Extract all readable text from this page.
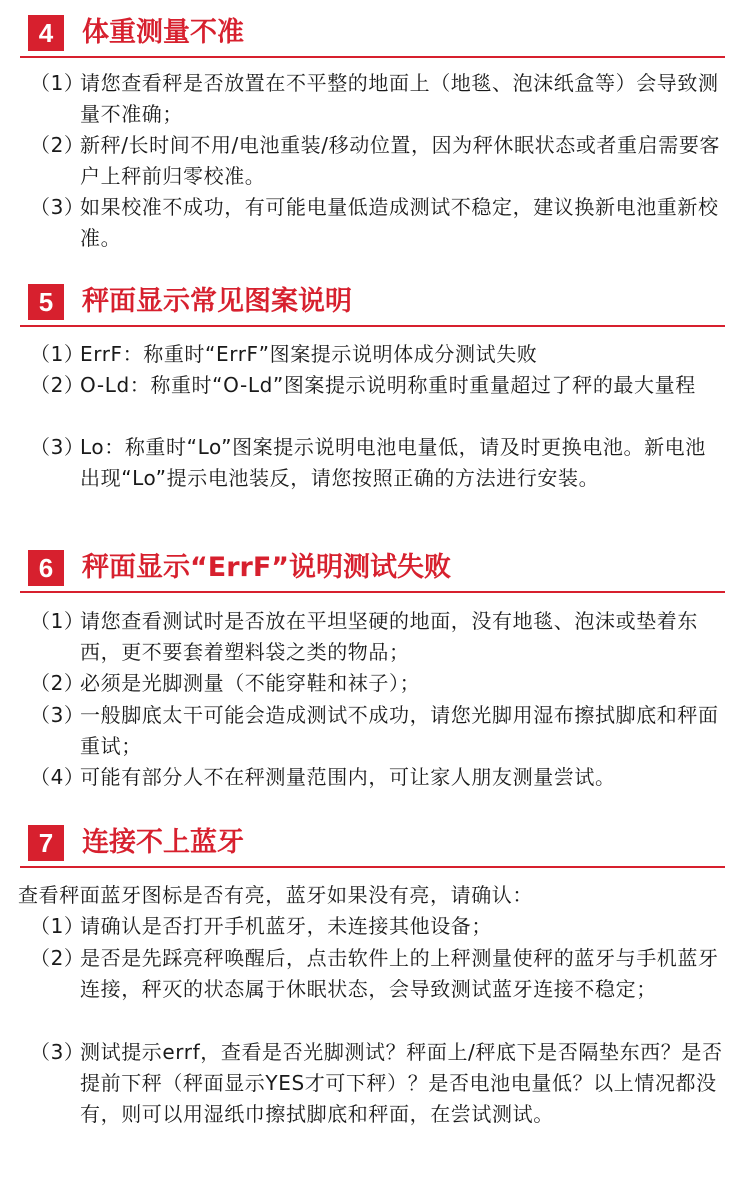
4	体重测量不准
（1）
请您查看秤是否放置在不平整的地面上（地毯、泡沫纸盒等）会导致测量不准确；
（2）
新秤/长时间不用/电池重装/移动位置，因为秤休眠状态或者重启需要客户上秤前归零校准。
（3）
如果校准不成功，有可能电量低造成测试不稳定，建议换新电池重新校准。
5	秤面显示常见图案说明
（1）
ErrF：称重时“ErrF”图案提示说明体成分测试失败
（2）
O-Ld：称重时“O-Ld”图案提示说明称重时重量超过了秤的最大量程
（3）
Lo：称重时“Lo”图案提示说明电池电量低，请及时更换电池。新电池出现“Lo”提示电池装反，请您按照正确的方法进行安装。
6	秤面显示“ErrF”说明测试失败
（1）
请您查看测试时是否放在平坦坚硬的地面，没有地毯、泡沫或垫着东西，更不要套着塑料袋之类的物品；
（2）
必须是光脚测量（不能穿鞋和袜子）；
（3）
一般脚底太干可能会造成测试不成功，请您光脚用湿布擦拭脚底和秤面重试；
（4）
可能有部分人不在秤测量范围内，可让家人朋友测量尝试。
7	连接不上蓝牙
查看秤面蓝牙图标是否有亮，蓝牙如果没有亮，请确认：
（1）
请确认是否打开手机蓝牙，未连接其他设备；
（2）
是否是先踩亮秤唤醒后，点击软件上的上秤测量使秤的蓝牙与手机蓝牙连接，秤灭的状态属于休眠状态，会导致测试蓝牙连接不稳定；
（3）
测试提示errf，查看是否光脚测试？秤面上/秤底下是否隔垫东西？是否提前下秤（秤面显示YES才可下秤）？是否电池电量低？以上情况都没有，则可以用湿纸巾擦拭脚底和秤面，在尝试测试。
